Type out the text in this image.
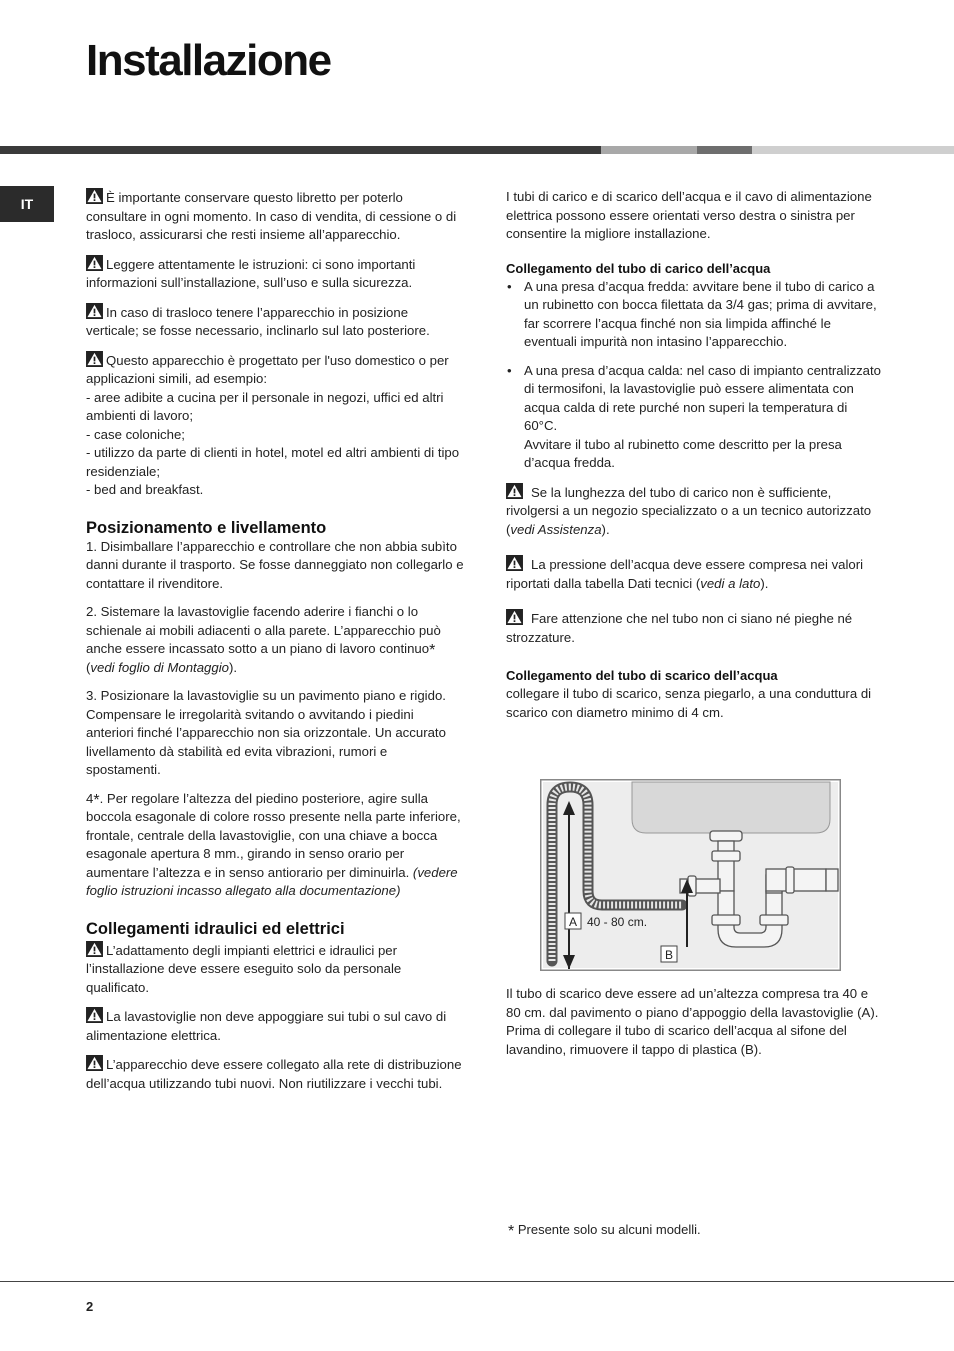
Installazione
IT	È importante conservare questo libretto per poterlo consultare in ogni momento. In caso di vendita, di cessione o di trasloco, assicurarsi che resti insieme all’apparecchio.

Leggere attentamente le istruzioni: ci sono importanti informazioni sull’installazione, sull’uso e sulla sicurezza.

In caso di trasloco tenere l’apparecchio in posizione verticale; se fosse necessario, inclinarlo sul lato posteriore.

Questo apparecchio è progettato per l'uso domestico o per applicazioni simili, ad esempio:
- aree adibite a cucina per il personale in negozi, uffici ed altri ambienti di lavoro;
- case coloniche;
- utilizzo da parte di clienti in hotel, motel ed altri ambienti di tipo residenziale;
- bed and breakfast.

Posizionamento e livellamento

1. Disimballare l’apparecchio e controllare che non abbia subìto danni durante il trasporto. Se fosse danneggiato non collegarlo e contattare il rivenditore.

2. Sistemare la lavastoviglie facendo aderire i fianchi o lo schienale ai mobili adiacenti o alla parete. L’apparecchio può anche essere incassato sotto a un piano di lavoro continuo* (vedi foglio di Montaggio).

3. Posizionare la lavastoviglie su un pavimento piano e rigido. Compensare le irregolarità svitando o avvitando i piedini anteriori finché l’apparecchio non sia orizzontale. Un accurato livellamento dà stabilità ed evita vibrazioni, rumori e spostamenti.

4*. Per regolare l’altezza del piedino posteriore, agire sulla boccola esagonale di colore rosso presente nella parte inferiore, frontale, centrale della lavastoviglie, con una chiave a bocca esagonale apertura 8 mm., girando in senso orario per aumentare l’altezza e in senso antiorario per diminuirla. (vedere foglio istruzioni incasso allegato alla documentazione)

Collegamenti idraulici ed elettrici

L’adattamento degli impianti elettrici e idraulici per l’installazione deve essere eseguito solo da personale qualificato.

La lavastoviglie non deve appoggiare sui tubi o sul cavo di alimentazione elettrica.

L’apparecchio deve essere collegato alla rete di distribuzione dell’acqua utilizzando tubi nuovi. Non riutilizzare i vecchi tubi.

I tubi di carico e di scarico dell’acqua e il cavo di alimentazione elettrica possono essere orientati verso destra o sinistra per consentire la migliore installazione.

Collegamento del tubo di carico dell’acqua
• A una presa d’acqua fredda: avvitare bene il tubo di carico a un rubinetto con bocca filettata da 3/4 gas; prima di avvitare, far scorrere l’acqua finché non sia limpida affinché le eventuali impurità non intasino l’apparecchio.
• A una presa d’acqua calda: nel caso di impianto centralizzato di termosifoni, la lavastoviglie può essere alimentata con acqua calda di rete purché non superi la temperatura di 60°C.
Avvitare il tubo al rubinetto come descritto per la presa d’acqua fredda.

Se la lunghezza del tubo di carico non è sufficiente, rivolgersi a un negozio specializzato o a un tecnico autorizzato (vedi Assistenza).

La pressione dell’acqua deve essere compresa nei valori riportati dalla tabella Dati tecnici (vedi a lato).

Fare attenzione che nel tubo non ci siano né pieghe né strozzature.

Collegamento del tubo di scarico dell’acqua

collegare il tubo di scarico, senza piegarlo, a una conduttura di scarico con diametro minimo di 4 cm.

A 40 - 80 cm.
B

Il tubo di scarico deve essere ad un’altezza compresa tra 40 e 80 cm. dal pavimento o piano d’appoggio della lavastoviglie (A).

Prima di collegare il tubo di scarico dell’acqua al sifone del lavandino, rimuovere il tappo di plastica (B).

* Presente solo su alcuni modelli.
2
